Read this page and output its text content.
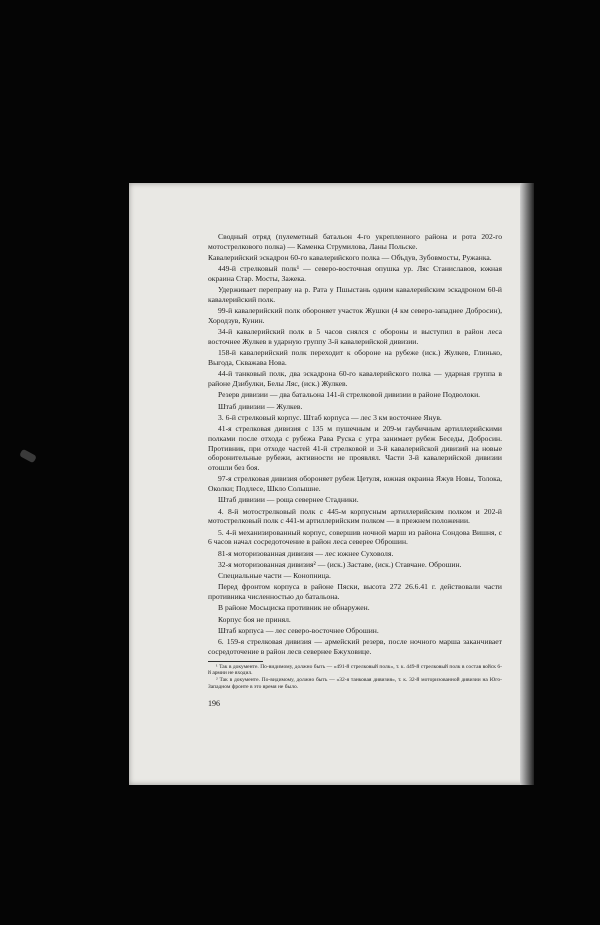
Сводный отряд (пулеметный батальон 4-го укрепленного района и рота 202-го мотострелкового полка) — Каменка Струмилова, Ланы Польске.

Кавалерийский эскадрон 60-го кавалерийского полка — Объдув, Зубовмосты, Ружанка.

449-й стрелковый полк¹ — северо-восточная опушка ур. Ляс Станиславов, южная окраина Стар. Мосты, Зажека.

Удерживает переправу на р. Рата у Пшыстань одним кавалерийским эскадроном 60-й кавалерийский полк.

99-й кавалерийский полк обороняет участок Жушки (4 км северо-западнее Добросин), Хородзув, Кунин.

34-й кавалерийский полк в 5 часов снялся с обороны и выступил в район леса восточнее Жулкев в ударную группу 3-й кавалерийской дивизии.

158-й кавалерийский полк переходит к обороне на рубеже (иск.) Жулкев, Глинько, Выгода, Скважава Нова.

44-й танковый полк, два эскадрона 60-го кавалерийского полка — ударная группа в районе Дзибулки, Белы Ляс, (иск.) Жулкев.

Резерв дивизии — два батальона 141-й стрелковой дивизии в районе Подволоки.

Штаб дивизии — Жулкев.

3. 6-й стрелковый корпус. Штаб корпуса — лес 3 км восточнее Янув.

41-я стрелковая дивизия с 135 м пушечным и 209-м гаубичным артиллерийскими полками после отхода с рубежа Рава Руска с утра занимает рубеж Беседы, Добросин. Противник, при отходе частей 41-й стрелковой и 3-й кавалерийской дивизий на новые оборонительные рубежи, активности не проявлял. Части 3-й кавалерийской дивизии отошли без боя.

97-я стрелковая дивизия обороняет рубеж Цетуля, южная окраина Яжув Новы, Толока, Околки; Подлесе, Шкло Солышне.

Штаб дивизии — роща севернее Стадники.

4. 8-й мотострелковый полк с 445-м корпусным артиллерийским полком и 202-й мотострелковый полк с 441-м артиллерийским полком — в прежнем положении.

5. 4-й механизированный корпус, совершив ночной марш из района Сондова Вишня, с 6 часов начал сосредоточение в район леса северее Оброшин.

81-я моторизованная дивизия — лес южнее Суховоля.

32-я моторизованная дивизия² — (иск.) Заставе, (иск.) Ставчане. Оброшин.

Специальные части — Конопница.

Перед фронтом корпуса в районе Пяски, высота 272 26.6.41 г. действовали части противника численностью до батальона.

В районе Мосьциска противник не обнаружен.

Корпус боя не принял.

Штаб корпуса — лес северо-восточнее Оброшин.

6. 159-я стрелковая дивизия — армейский резерв, после ночного марша заканчивает сосредоточение в район лесв севернее Бжуховице.

¹ Так в документе. По-видимому, должно быть — «491-й стрелковый полк», т. к. 449-й стрелковый полк в состав войск 6-й армии не входил.

² Так в документе. По-видимому, должно быть — «32-я танковая дивизия», т. к. 32-й моторизованной дивизии на Юго-Западном фронте в это время не было.

196
